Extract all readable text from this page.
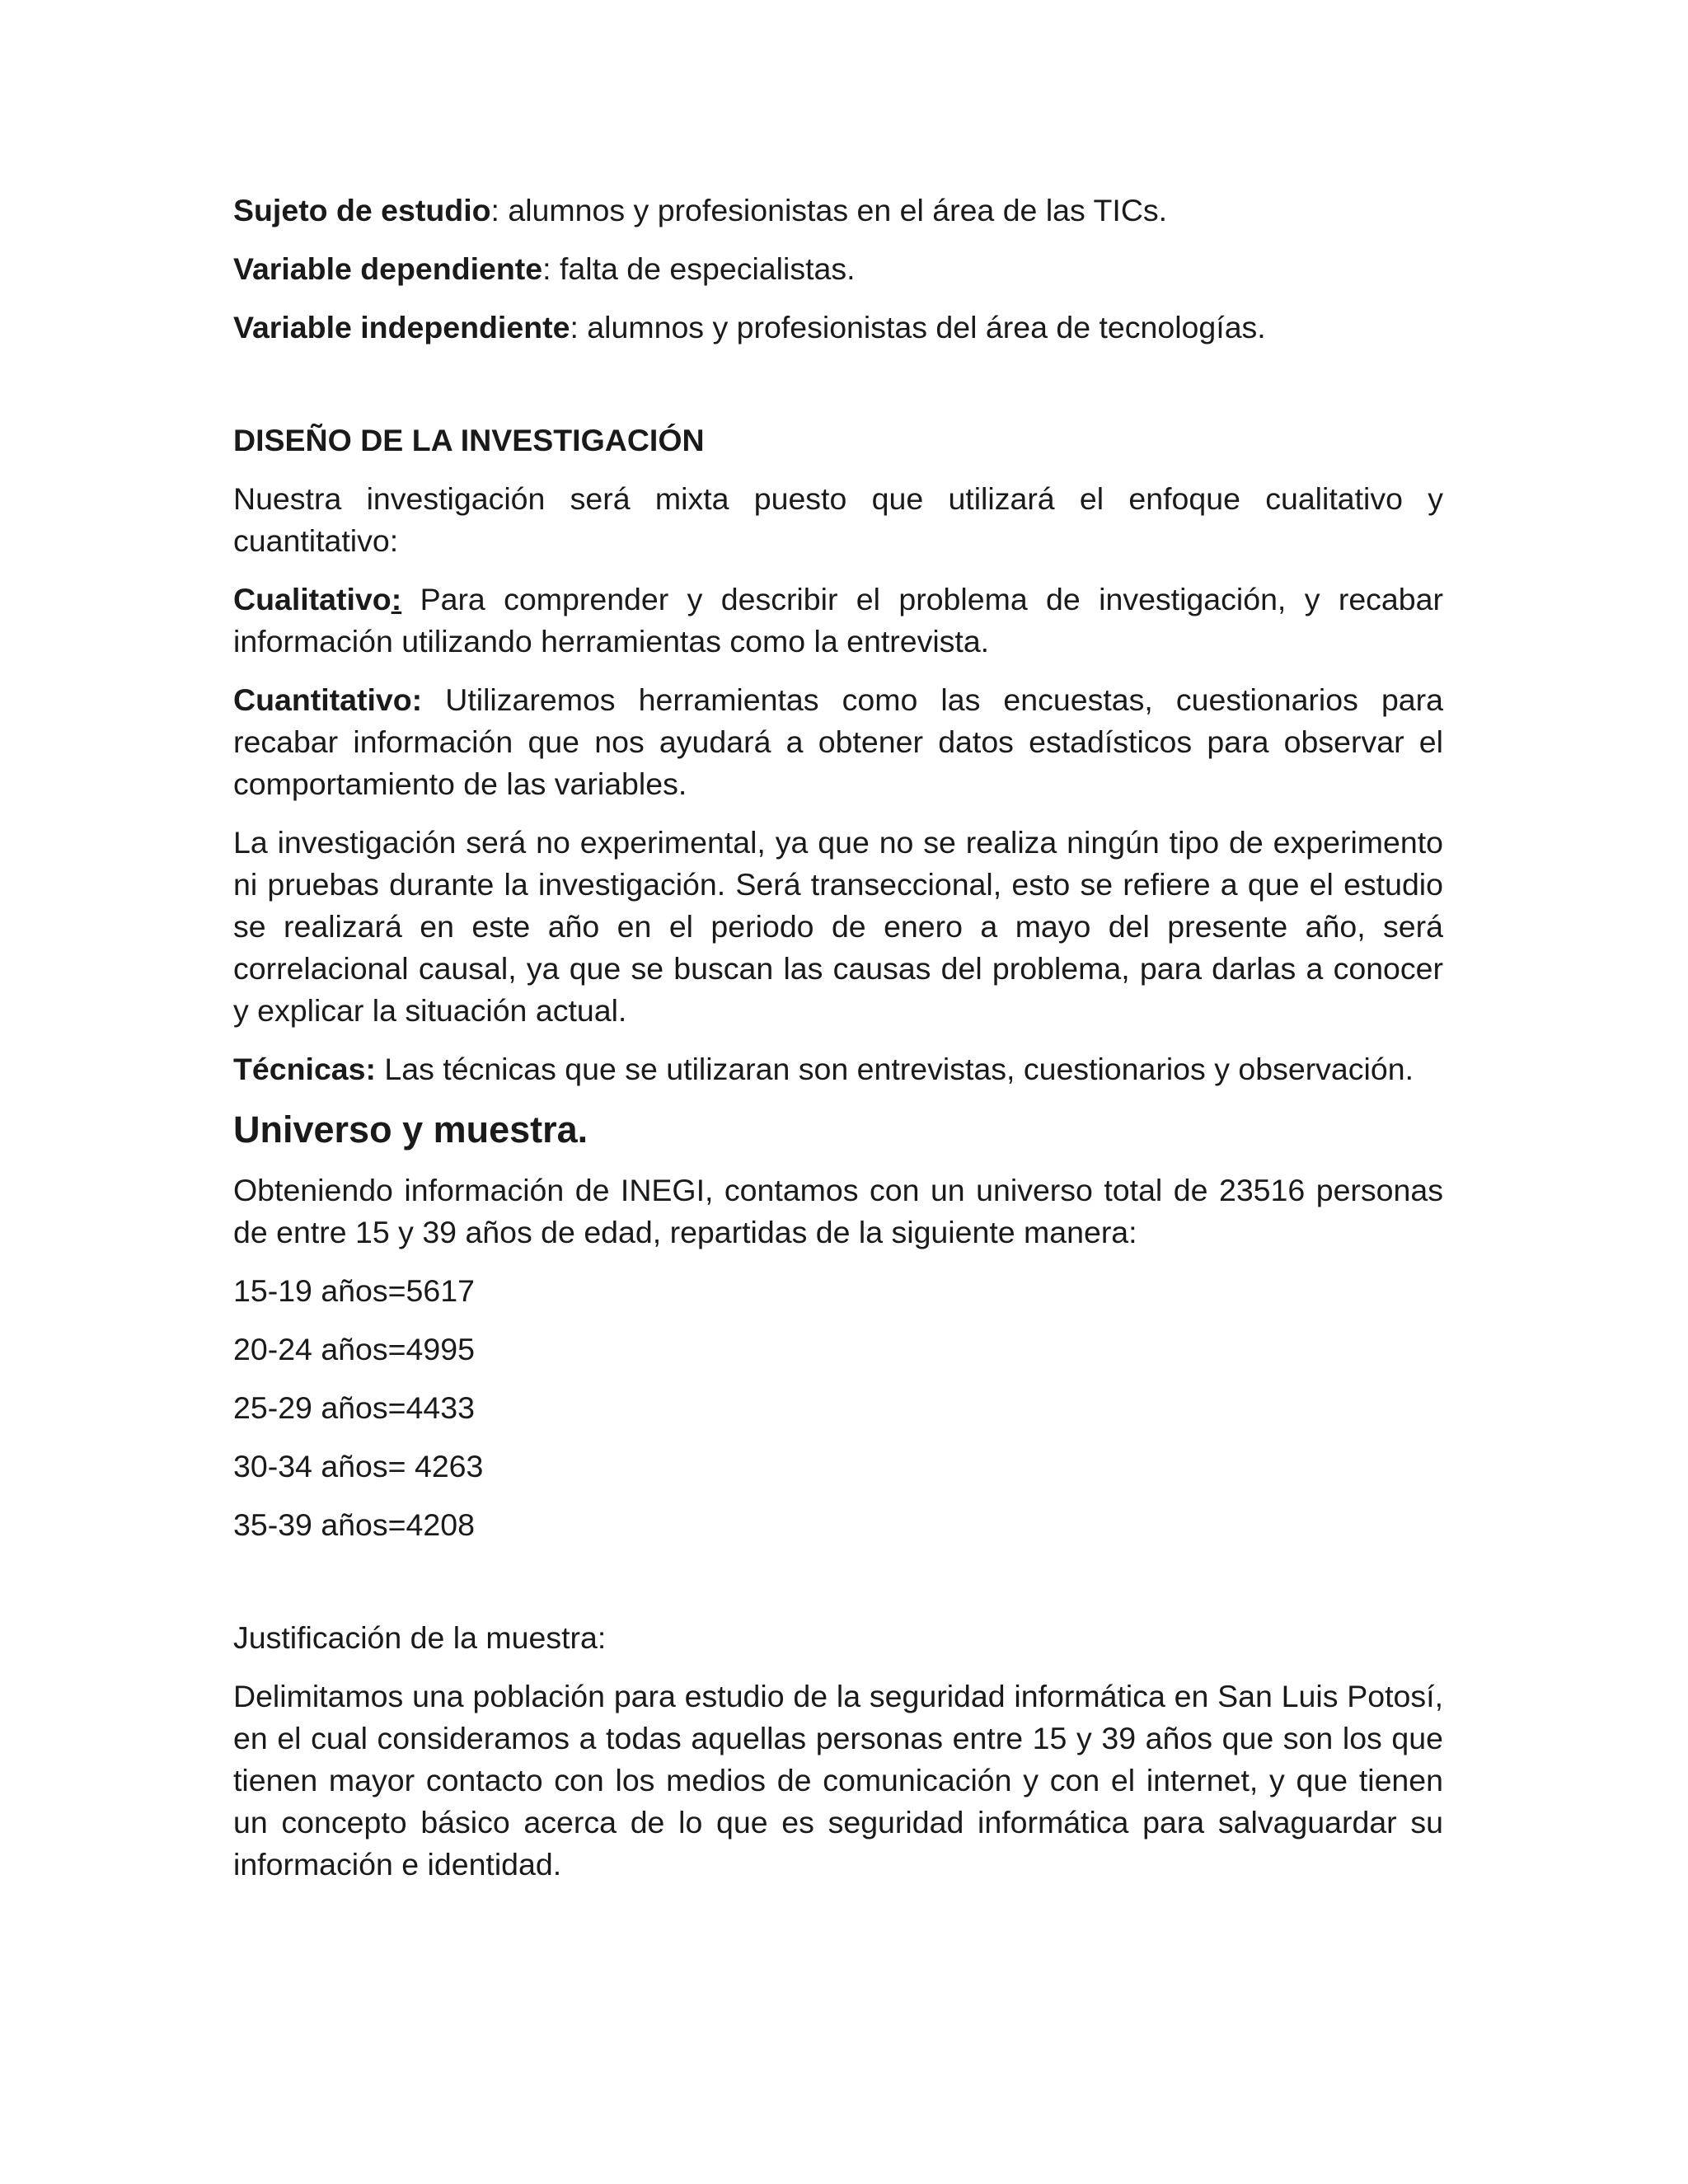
Sujeto de estudio: alumnos y profesionistas en el área de las TICs.

Variable dependiente: falta de especialistas.

Variable independiente: alumnos y profesionistas del área de tecnologías.

DISEÑO DE LA INVESTIGACIÓN

Nuestra investigación será mixta puesto que utilizará el enfoque cualitativo y cuantitativo:

Cualitativo: Para comprender y describir el problema de investigación, y recabar información utilizando herramientas como la entrevista.

Cuantitativo: Utilizaremos herramientas como las encuestas, cuestionarios para recabar información que nos ayudará a obtener datos estadísticos para observar el comportamiento de las variables.

La investigación será no experimental, ya que no se realiza ningún tipo de experimento ni pruebas durante la investigación. Será transeccional, esto se refiere a que el estudio se realizará en este año en el periodo de enero a mayo del presente año, será correlacional causal, ya que se buscan las causas del problema, para darlas a conocer y explicar la situación actual.

Técnicas: Las técnicas que se utilizaran son entrevistas, cuestionarios y observación.

Universo y muestra.

Obteniendo información de INEGI, contamos con un universo total de 23516 personas de entre 15 y 39 años de edad, repartidas de la siguiente manera:

15-19 años=5617

20-24 años=4995

25-29 años=4433

30-34 años= 4263

35-39 años=4208

Justificación de la muestra:

Delimitamos una población para estudio de la seguridad informática en San Luis Potosí, en el cual consideramos a todas aquellas personas entre 15 y 39 años que son los que tienen mayor contacto con los medios de comunicación y con el internet, y que tienen un concepto básico acerca de lo que es seguridad informática para salvaguardar su información e identidad.
